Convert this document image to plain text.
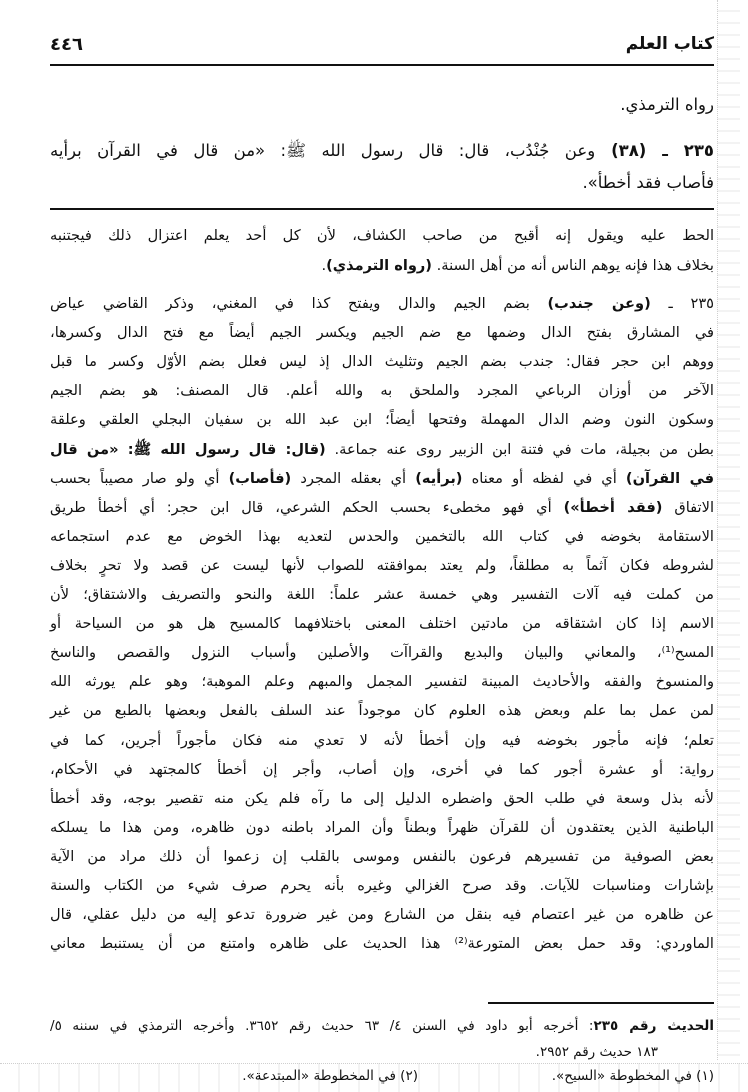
كتاب العلم
٤٤٦
رواه الترمذي.
٢٣٥ ـ (٣٨) وعن جُنْدُب، قال: قال رسول الله ﷺ: «من قال في القرآن برأيه
فأصاب فقد أخطأ».
الحط عليه ويقول إنه أقبح من صاحب الكشاف، لأن كل أحد يعلم اعتزال ذلك فيجتنبه
بخلاف هذا فإنه يوهم الناس أنه من أهل السنة. (رواه الترمذي).
٢٣٥ ـ (وعن جندب) بضم الجيم والدال ويفتح كذا في المغني، وذكر القاضي عياض
في المشارق بفتح الدال وضمها مع ضم الجيم ويكسر الجيم أيضاً مع فتح الدال وكسرها،
ووهم ابن حجر فقال: جندب بضم الجيم وتثليث الدال إذ ليس فعلل بضم الأوّل وكسر ما قبل
الآخر من أوزان الرباعي المجرد والملحق به والله أعلم. قال المصنف: هو بضم الجيم
وسكون النون وضم الدال المهملة وفتحها أيضاً؛ ابن عبد الله بن سفيان البجلي العلقي وعلقة
بطن من بجيلة، مات في فتنة ابن الزبير روى عنه جماعة. (قال: قال رسول الله ﷺ: «من قال
في القرآن) أي في لفظه أو معناه (برأيه) أي بعقله المجرد (فأصاب) أي ولو صار مصيباً بحسب
الاتفاق (فقد أخطأ») أي فهو مخطىء بحسب الحكم الشرعي، قال ابن حجر: أي أخطأ طريق
الاستقامة بخوضه في كتاب الله بالتخمين والحدس لتعديه بهذا الخوض مع عدم استجماعه
لشروطه فكان آثماً به مطلقاً، ولم يعتد بموافقته للصواب لأنها ليست عن قصد ولا تحرٍ بخلاف
من كملت فيه آلات التفسير وهي خمسة عشر علماً: اللغة والنحو والتصريف والاشتقاق؛ لأن
الاسم إذا كان اشتقاقه من مادتين اختلف المعنى باختلافهما كالمسيح هل هو من السياحة أو
المسح⁽¹⁾، والمعاني والبيان والبديع والقراآت والأصلين وأسباب النزول والقصص والناسخ
والمنسوخ والفقه والأحاديث المبينة لتفسير المجمل والمبهم وعلم الموهبة؛ وهو علم يورثه الله
لمن عمل بما علم وبعض هذه العلوم كان موجوداً عند السلف بالفعل وبعضها بالطبع من غير
تعلم؛ فإنه مأجور بخوضه فيه وإن أخطأ لأنه لا تعدي منه فكان مأجوراً أجرين، كما في
رواية: أو عشرة أجور كما في أخرى، وإن أصاب، وأجر إن أخطأ كالمجتهد في الأحكام،
لأنه بذل وسعة في طلب الحق واضطره الدليل إلى ما رآه فلم يكن منه تقصير بوجه، وقد أخطأ
الباطنية الذين يعتقدون أن للقرآن ظهراً وبطناً وأن المراد باطنه دون ظاهره، ومن هذا ما يسلكه
بعض الصوفية من تفسيرهم فرعون بالنفس وموسى بالقلب إن زعموا أن ذلك مراد من الآية
بإشارات ومناسبات للآيات. وقد صرح الغزالي وغيره بأنه يحرم صرف شيء من الكتاب والسنة
عن ظاهره من غير اعتصام فيه بنقل من الشارع ومن غير ضرورة تدعو إليه من دليل عقلي، قال
الماوردي: وقد حمل بعض المتورعة⁽²⁾ هذا الحديث على ظاهره وامتنع من أن يستنبط معاني
الحديث رقم ٢٣٥: أخرجه أبو داود في السنن ٤/ ٦٣ حديث رقم ٣٦٥٢. وأخرجه الترمذي في سننه ٥/
١٨٣ حديث رقم ٢٩٥٢.
(١) في المخطوطة «السيح».
(٢) في المخطوطة «المبتدعة».
